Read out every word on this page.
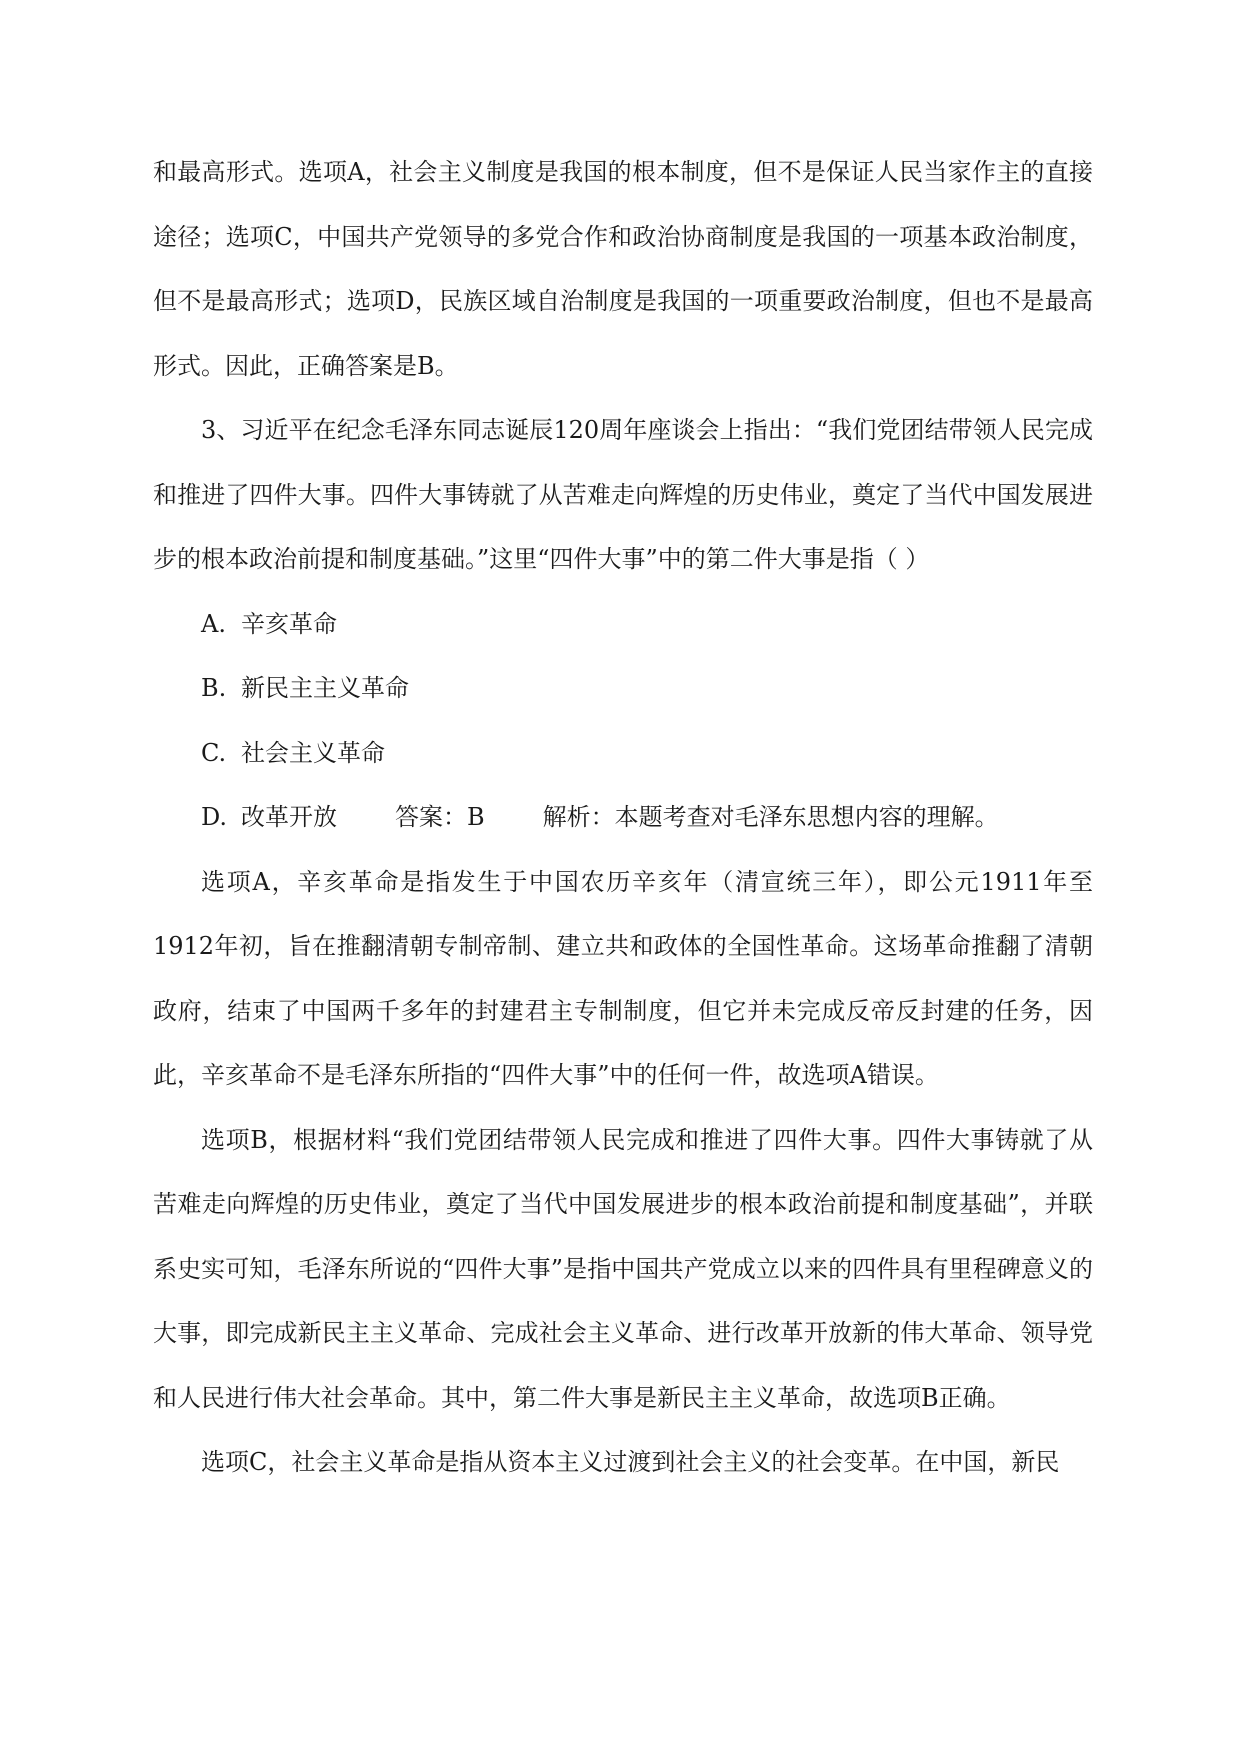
和最高形式。选项A，社会主义制度是我国的根本制度，但不是保证人民当家作主的直接途径；选项C，中国共产党领导的多党合作和政治协商制度是我国的一项基本政治制度，但不是最高形式；选项D，民族区域自治制度是我国的一项重要政治制度，但也不是最高形式。因此，正确答案是B。

3、习近平在纪念毛泽东同志诞辰120周年座谈会上指出：“我们党团结带领人民完成和推进了四件大事。四件大事铸就了从苦难走向辉煌的历史伟业，奠定了当代中国发展进步的根本政治前提和制度基础。”这里“四件大事”中的第二件大事是指（ ）

A. 辛亥革命

B. 新民主主义革命

C. 社会主义革命

D. 改革开放 答案：B 解析：本题考查对毛泽东思想内容的理解。

选项A，辛亥革命是指发生于中国农历辛亥年（清宣统三年），即公元1911年至1912年初，旨在推翻清朝专制帝制、建立共和政体的全国性革命。这场革命推翻了清朝政府，结束了中国两千多年的封建君主专制制度，但它并未完成反帝反封建的任务，因此，辛亥革命不是毛泽东所指的“四件大事”中的任何一件，故选项A错误。

选项B，根据材料“我们党团结带领人民完成和推进了四件大事。四件大事铸就了从苦难走向辉煌的历史伟业，奠定了当代中国发展进步的根本政治前提和制度基础”，并联系史实可知，毛泽东所说的“四件大事”是指中国共产党成立以来的四件具有里程碑意义的大事，即完成新民主主义革命、完成社会主义革命、进行改革开放新的伟大革命、领导党和人民进行伟大社会革命。其中，第二件大事是新民主主义革命，故选项B正确。

选项C，社会主义革命是指从资本主义过渡到社会主义的社会变革。在中国，新民
